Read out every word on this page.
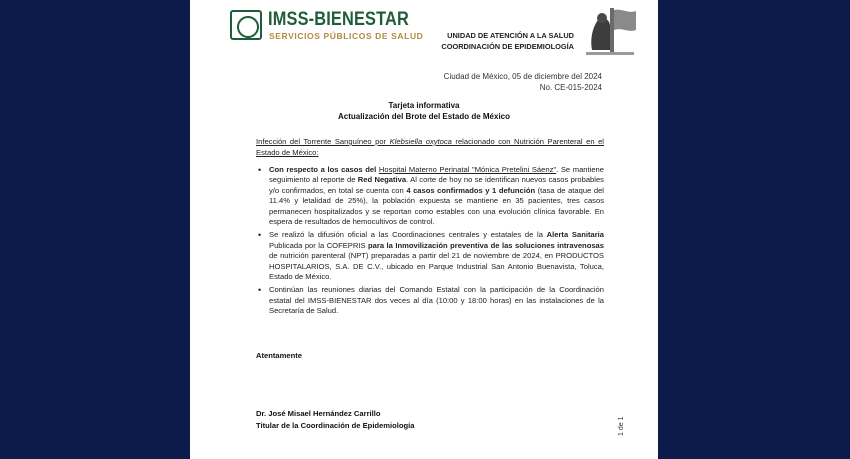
IMSS-BIENESTAR
SERVICIOS PÚBLICOS DE SALUD	UNIDAD DE ATENCIÓN A LA SALUD
COORDINACIÓN DE EPIDEMIOLOGÍA
Ciudad de México, 05 de diciembre del 2024
No. CE-015-2024
Tarjeta informativa
Actualización del Brote del Estado de México
Infección del Torrente Sanguíneo por Klebsiella oxytoca relacionado con Nutrición Parenteral en el Estado de México:
• Con respecto a los casos del Hospital Materno Perinatal "Mónica Pretelini Sáenz". Se mantiene seguimiento al reporte de Red Negativa. Al corte de hoy no se identifican nuevos casos probables y/o confirmados, en total se cuenta con 4 casos confirmados y 1 defunción (tasa de ataque del 11.4% y letalidad de 25%), la población expuesta se mantiene en 35 pacientes, tres casos permanecen hospitalizados y se reportan como estables con una evolución clínica favorable. En espera de resultados de hemocultivos de control.
• Se realizó la difusión oficial a las Coordinaciones centrales y estatales de la Alerta Sanitaria Publicada por la COFEPRIS para la Inmovilización preventiva de las soluciones intravenosas de nutrición parenteral (NPT) preparadas a partir del 21 de noviembre de 2024, en PRODUCTOS HOSPITALARIOS, S.A. DE C.V., ubicado en Parque Industrial San Antonio Buenavista, Toluca, Estado de México.
• Continúan las reuniones diarias del Comando Estatal con la participación de la Coordinación estatal del IMSS-BIENESTAR dos veces al día (10:00 y 18:00 horas) en las instalaciones de la Secretaría de Salud.
Atentamente
Dr. José Misael Hernández Carrillo
Titular de la Coordinación de Epidemiología	1 de 1
